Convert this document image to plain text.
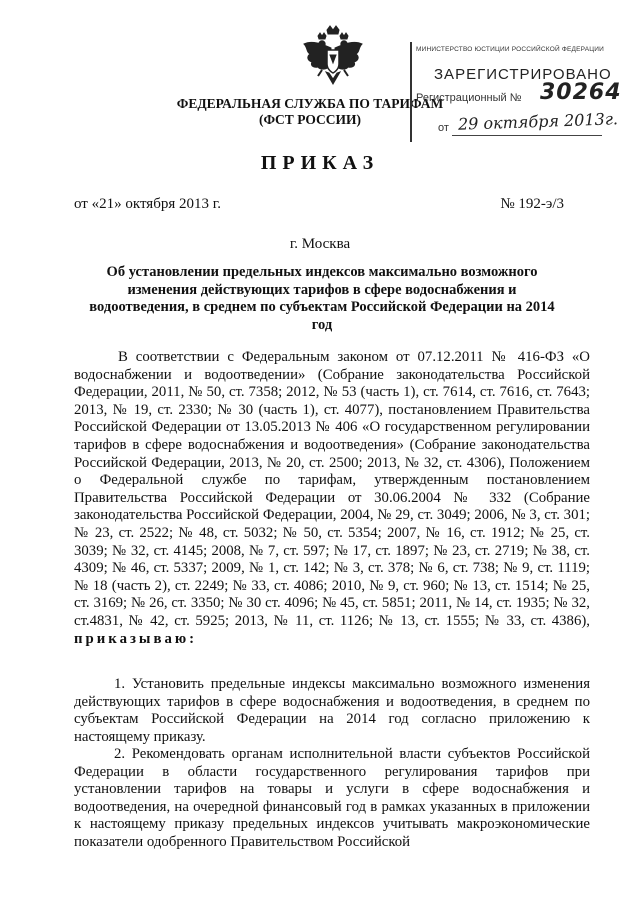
ФЕДЕРАЛЬНАЯ СЛУЖБА ПО ТАРИФАМ
(ФСТ РОССИИ)
МИНИСТЕРСТВО ЮСТИЦИИ РОССИЙСКОЙ ФЕДЕРАЦИИ
ЗАРЕГИСТРИРОВАНО
Регистрационный № 30264
от 29 октября 2013г.
ПРИКАЗ
от «21» октября 2013 г.	№ 192-э/3
г. Москва
Об установлении предельных индексов максимально возможного изменения действующих тарифов в сфере водоснабжения и водоотведения, в среднем по субъектам Российской Федерации на 2014 год
В соответствии с Федеральным законом от 07.12.2011 № 416-ФЗ «О водоснабжении и водоотведении» (Собрание законодательства Российской Федерации, 2011, № 50, ст. 7358; 2012, № 53 (часть 1), ст. 7614, ст. 7616, ст. 7643; 2013, № 19, ст. 2330; № 30 (часть 1), ст. 4077), постановлением Правительства Российской Федерации от 13.05.2013 № 406 «О государственном регулировании тарифов в сфере водоснабжения и водоотведения» (Собрание законодательства Российской Федерации, 2013, № 20, ст. 2500; 2013, № 32, ст. 4306), Положением о Федеральной службе по тарифам, утвержденным постановлением Правительства Российской Федерации от 30.06.2004 № 332 (Собрание законодательства Российской Федерации, 2004, № 29, ст. 3049; 2006, № 3, ст. 301; № 23, ст. 2522; № 48, ст. 5032; № 50, ст. 5354; 2007, № 16, ст. 1912; № 25, ст. 3039; № 32, ст. 4145; 2008, № 7, ст. 597; № 17, ст. 1897; № 23, ст. 2719; № 38, ст. 4309; № 46, ст. 5337; 2009, № 1, ст. 142; № 3, ст. 378; № 6, ст. 738; № 9, ст. 1119; № 18 (часть 2), ст. 2249; № 33, ст. 4086; 2010, № 9, ст. 960; № 13, ст. 1514; № 25, ст. 3169; № 26, ст. 3350; № 30 ст. 4096; № 45, ст. 5851; 2011, № 14, ст. 1935; № 32, ст.4831, № 42, ст. 5925; 2013, № 11, ст. 1126; № 13, ст. 1555; № 33, ст. 4386), приказываю:
1. Установить предельные индексы максимально возможного изменения действующих тарифов в сфере водоснабжения и водоотведения, в среднем по субъектам Российской Федерации на 2014 год согласно приложению к настоящему приказу.
2. Рекомендовать органам исполнительной власти субъектов Российской Федерации в области государственного регулирования тарифов при установлении тарифов на товары и услуги в сфере водоснабжения и водоотведения, на очередной финансовый год в рамках указанных в приложении к настоящему приказу предельных индексов учитывать макроэкономические показатели одобренного Правительством Российской
